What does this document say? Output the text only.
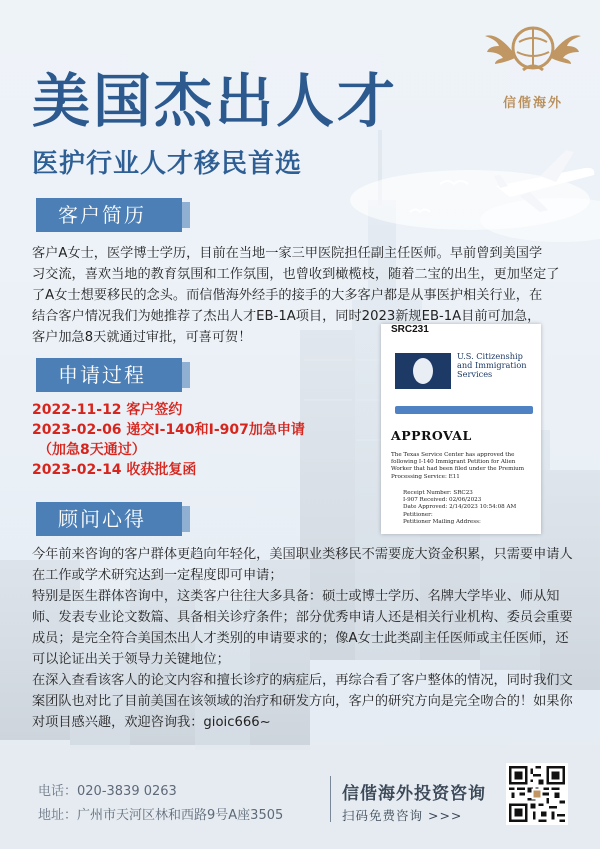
信偕海外
美国杰出人才
医护行业人才移民首选
客户简历
客户A女士，医学博士学历，目前在当地一家三甲医院担任副主任医师。早前曾到美国学
习交流，喜欢当地的教育氛围和工作氛围，也曾收到橄榄枝，随着二宝的出生，更加坚定了
了A女士想要移民的念头。而信偕海外经手的接手的大多客户都是从事医护相关行业，在
结合客户情况我们为她推荐了杰出人才EB-1A项目，同时2023新规EB-1A目前可加急，
客户加急8天就通过审批，可喜可贺！
申请过程
2022-11-12 客户签约
2023-02-06 递交I-140和I-907加急申请
（加急8天通过）
2023-02-14 收获批复函
SRC231
U.S. Citizenship
and Immigration
Services
APPROVAL
The Texas Service Center has approved the following I-140 Immigrant Petition for Alien Worker that had been filed under the Premium Processing Service: E11
Receipt Number: SRC23
I-907 Received: 02/06/2023
Date Approved: 2/14/2023 10:54:08 AM
Petitioner:
Petitioner Mailing Address:
顾问心得

今年前来咨询的客户群体更趋向年轻化，美国职业类移民不需要庞大资金积累，只需要申请人在工作或学术研究达到一定程度即可申请；

特别是医生群体咨询中，这类客户往往大多具备：硕士或博士学历、名牌大学毕业、师从知师、发表专业论文数篇、具备相关诊疗条件；部分优秀申请人还是相关行业机构、委员会重要成员；是完全符合美国杰出人才类别的申请要求的；像A女士此类副主任医师或主任医师，还可以论证出关于领导力关键地位；

在深入查看该客人的论文内容和擅长诊疗的病症后，再综合看了客户整体的情况，同时我们文案团队也对比了目前美国在该领域的治疗和研发方向，客户的研究方向是完全吻合的！如果你对项目感兴趣，欢迎咨询我：gioic666~

电话：020-3839 0263
地址：广州市天河区林和西路9号A座3505
信偕海外投资咨询
扫码免费咨询 >>>
